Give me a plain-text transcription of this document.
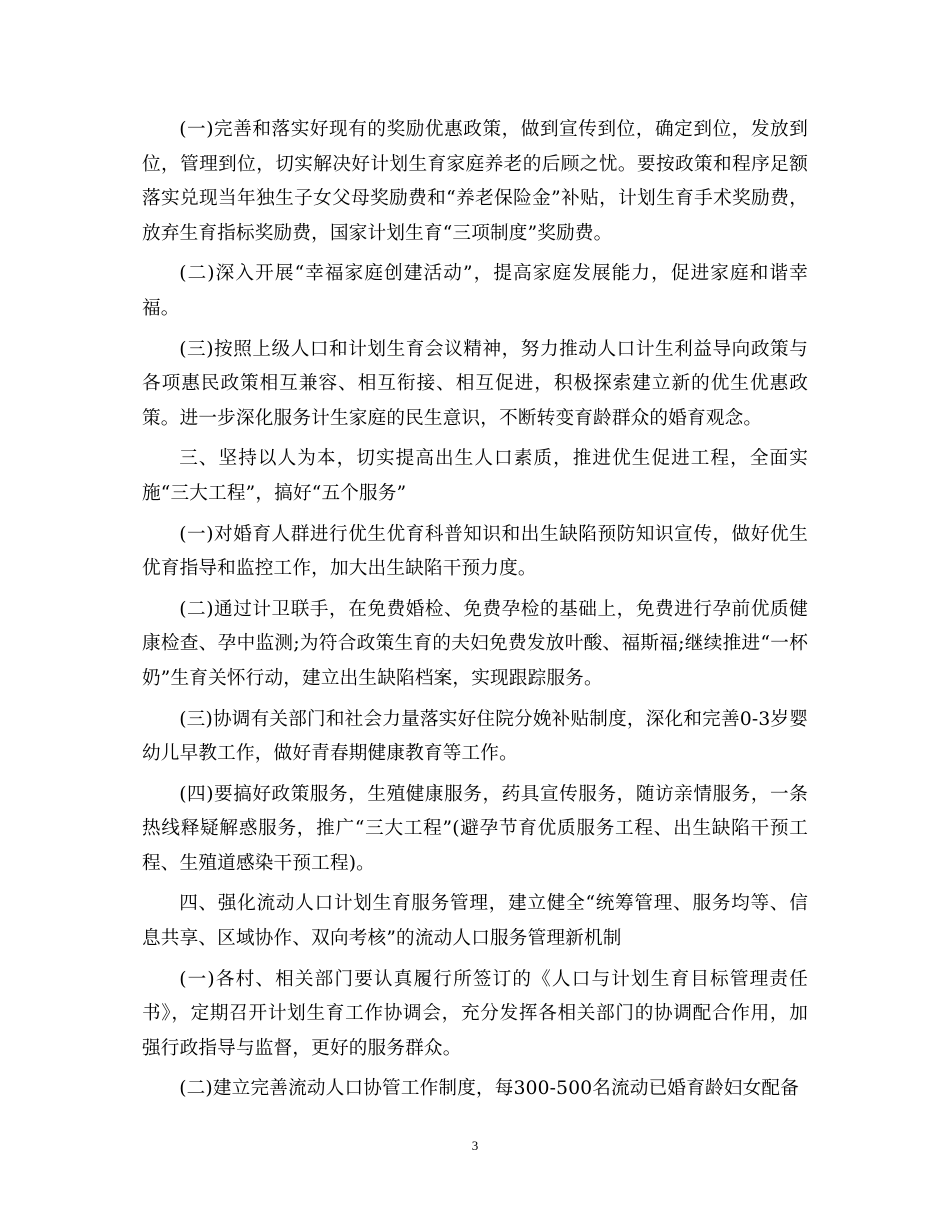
(一)完善和落实好现有的奖励优惠政策，做到宣传到位，确定到位，发放到位，管理到位，切实解决好计划生育家庭养老的后顾之忧。要按政策和程序足额落实兑现当年独生子女父母奖励费和“养老保险金”补贴，计划生育手术奖励费，放弃生育指标奖励费，国家计划生育“三项制度”奖励费。

(二)深入开展“幸福家庭创建活动”，提高家庭发展能力，促进家庭和谐幸福。

(三)按照上级人口和计划生育会议精神，努力推动人口计生利益导向政策与各项惠民政策相互兼容、相互衔接、相互促进，积极探索建立新的优生优惠政策。进一步深化服务计生家庭的民生意识，不断转变育龄群众的婚育观念。

三、坚持以人为本，切实提高出生人口素质，推进优生促进工程，全面实施“三大工程”，搞好“五个服务”

(一)对婚育人群进行优生优育科普知识和出生缺陷预防知识宣传，做好优生优育指导和监控工作，加大出生缺陷干预力度。

(二)通过计卫联手，在免费婚检、免费孕检的基础上，免费进行孕前优质健康检查、孕中监测;为符合政策生育的夫妇免费发放叶酸、福斯福;继续推进“一杯奶”生育关怀行动，建立出生缺陷档案，实现跟踪服务。

(三)协调有关部门和社会力量落实好住院分娩补贴制度，深化和完善0-3岁婴幼儿早教工作，做好青春期健康教育等工作。

(四)要搞好政策服务，生殖健康服务，药具宣传服务，随访亲情服务，一条热线释疑解惑服务，推广“三大工程”(避孕节育优质服务工程、出生缺陷干预工程、生殖道感染干预工程)。

四、强化流动人口计划生育服务管理，建立健全“统筹管理、服务均等、信息共享、区域协作、双向考核”的流动人口服务管理新机制

(一)各村、相关部门要认真履行所签订的《人口与计划生育目标管理责任书》，定期召开计划生育工作协调会，充分发挥各相关部门的协调配合作用，加强行政指导与监督，更好的服务群众。

(二)建立完善流动人口协管工作制度，每300-500名流动已婚育龄妇女配备

3
